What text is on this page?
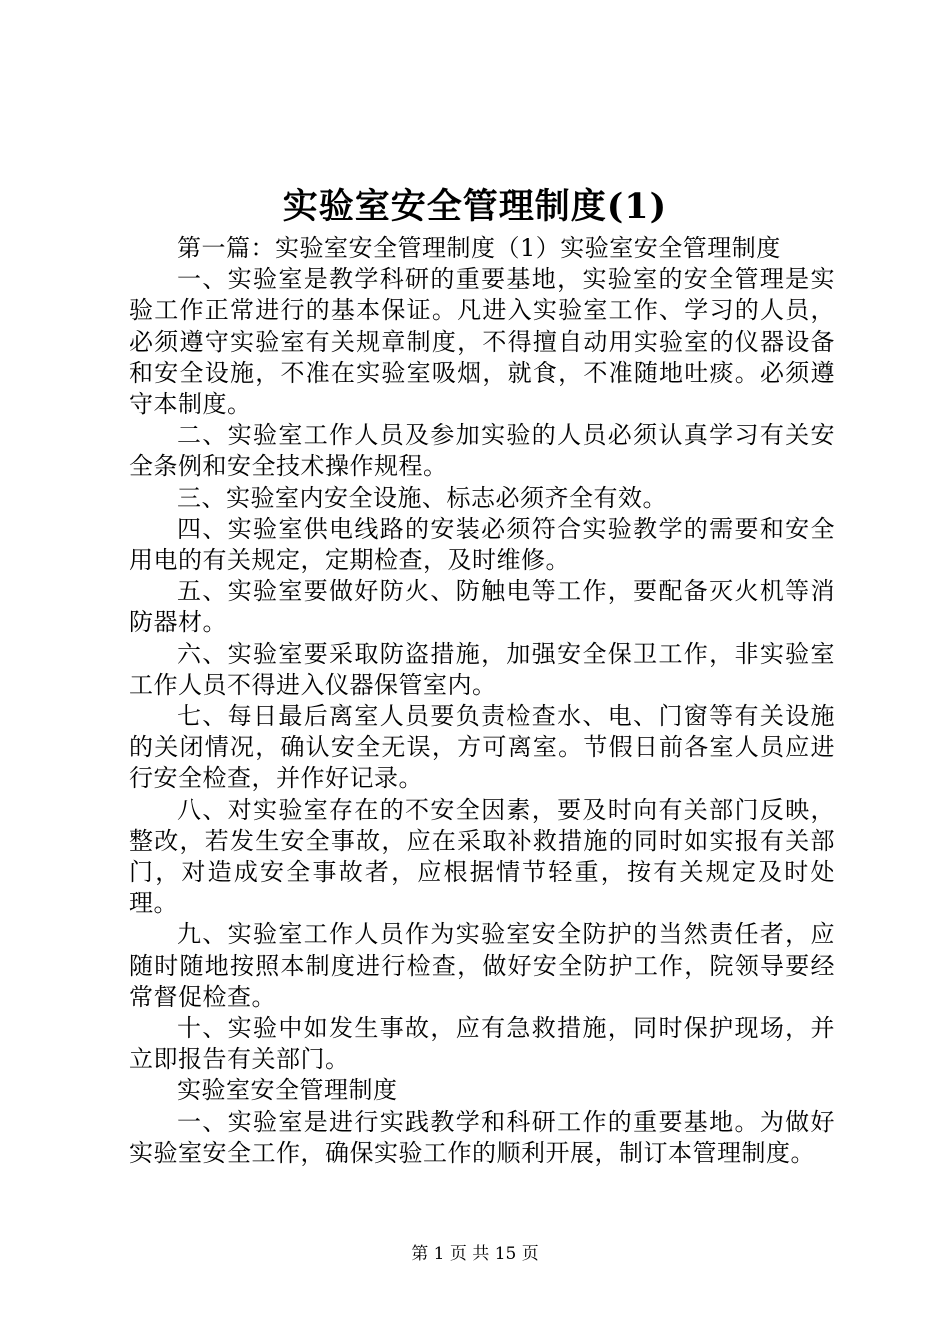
实验室安全管理制度(1)

第一篇：实验室安全管理制度（1）实验室安全管理制度

一、实验室是教学科研的重要基地，实验室的安全管理是实验工作正常进行的基本保证。凡进入实验室工作、学习的人员，必须遵守实验室有关规章制度，不得擅自动用实验室的仪器设备和安全设施，不准在实验室吸烟，就食，不准随地吐痰。必须遵守本制度。

二、实验室工作人员及参加实验的人员必须认真学习有关安全条例和安全技术操作规程。

三、实验室内安全设施、标志必须齐全有效。

四、实验室供电线路的安装必须符合实验教学的需要和安全用电的有关规定，定期检查，及时维修。

五、实验室要做好防火、防触电等工作，要配备灭火机等消防器材。

六、实验室要采取防盗措施，加强安全保卫工作，非实验室工作人员不得进入仪器保管室内。

七、每日最后离室人员要负责检查水、电、门窗等有关设施的关闭情况，确认安全无误，方可离室。节假日前各室人员应进行安全检查，并作好记录。

八、对实验室存在的不安全因素，要及时向有关部门反映，整改，若发生安全事故，应在采取补救措施的同时如实报有关部门，对造成安全事故者，应根据情节轻重，按有关规定及时处理。

九、实验室工作人员作为实验室安全防护的当然责任者，应随时随地按照本制度进行检查，做好安全防护工作，院领导要经常督促检查。

十、实验中如发生事故，应有急救措施，同时保护现场，并立即报告有关部门。

实验室安全管理制度

一、实验室是进行实践教学和科研工作的重要基地。为做好实验室安全工作，确保实验工作的顺利开展，制订本管理制度。

第 1 页 共 15 页
